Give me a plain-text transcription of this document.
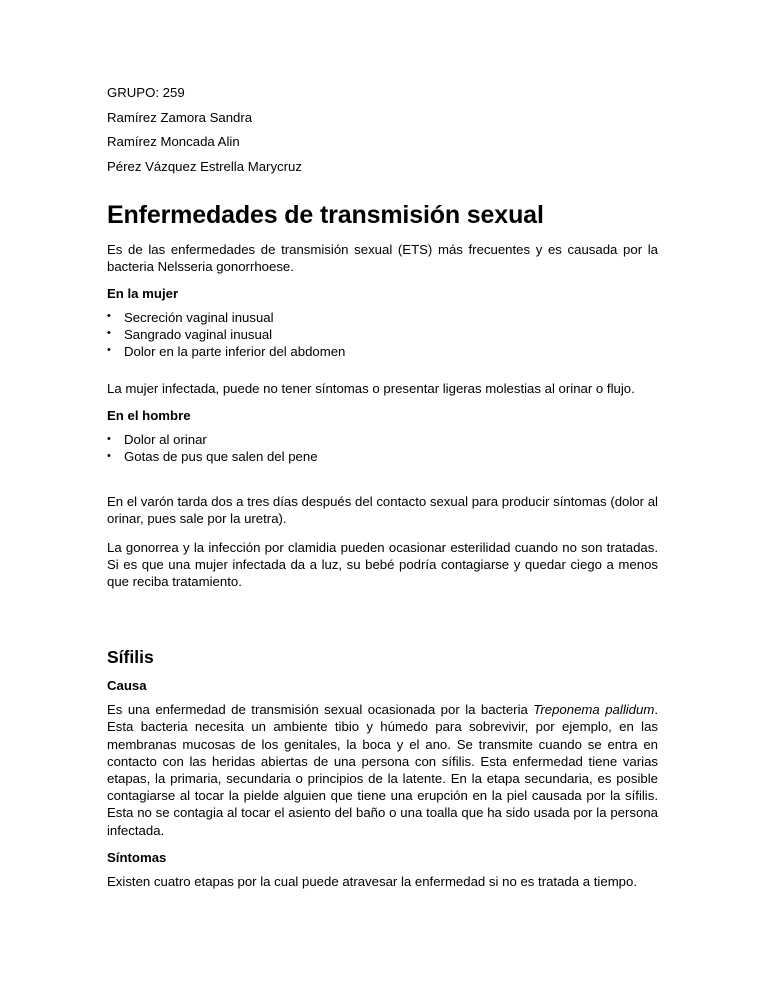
GRUPO: 259

Ramírez Zamora Sandra

Ramírez Moncada Alin

Pérez Vázquez Estrella Marycruz

Enfermedades de transmisión sexual

Es de las enfermedades de transmisión sexual (ETS) más frecuentes y es causada por la bacteria Nelsseria gonorrhoese.

En la mujer
• Secreción vaginal inusual
• Sangrado vaginal inusual
• Dolor en la parte inferior del abdomen

La mujer infectada, puede no tener síntomas o presentar ligeras molestias al orinar o flujo.

En el hombre
• Dolor al orinar
• Gotas de pus que salen del pene

En el varón tarda dos a tres días después del contacto sexual para producir síntomas (dolor al orinar, pues sale por la uretra).

La gonorrea y la infección por clamidia pueden ocasionar esterilidad cuando no son tratadas. Si es que una mujer infectada da a luz, su bebé podría contagiarse y quedar ciego a menos que reciba tratamiento.

Sífilis
Causa

Es una enfermedad de transmisión sexual ocasionada por la bacteria Treponema pallidum. Esta bacteria necesita un ambiente tibio y húmedo para sobrevivir, por ejemplo, en las membranas mucosas de los genitales, la boca y el ano. Se transmite cuando se entra en contacto con las heridas abiertas de una persona con sífilis. Esta enfermedad tiene varias etapas, la primaria, secundaria o principios de la latente. En la etapa secundaria, es posible contagiarse al tocar la pielde alguien que tiene una erupción en la piel causada por la sífilis. Esta no se contagia al tocar el asiento del baño o una toalla que ha sido usada por la persona infectada.

Síntomas

Existen cuatro etapas por la cual puede atravesar la enfermedad si no es tratada a tiempo.
